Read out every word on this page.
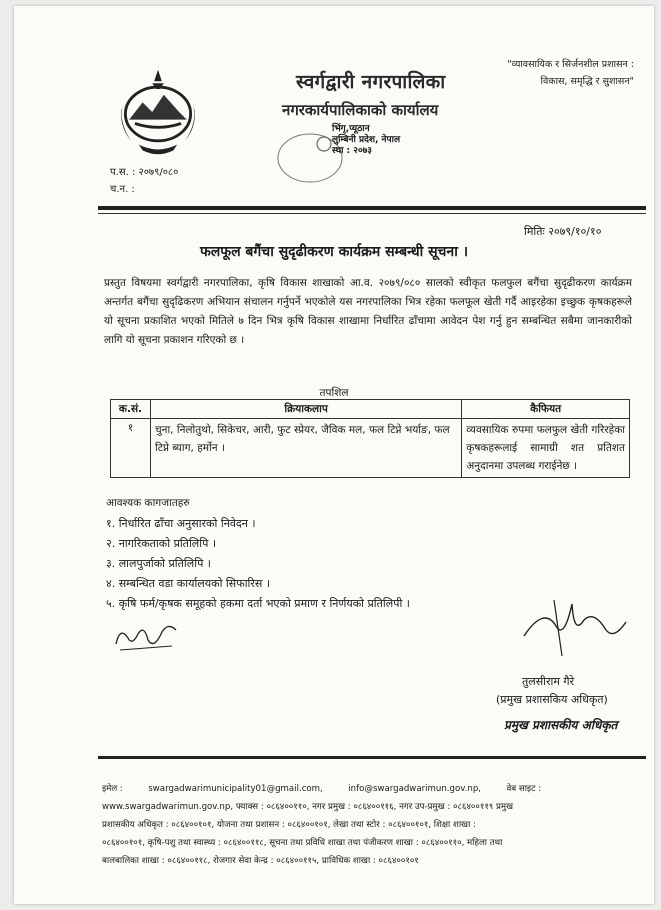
स्वर्गद्वारी नगरपालिका
नगरकार्यपालिकाको कार्यालय
"व्यावसायिक र सिर्जनशील प्रशासन :
विकास, समृद्धि र सुशासन"
भिंगृ,प्यूठान
लुम्बिनी प्रदेश, नेपाल
स्था : २०७३
प.स. : २०७९/०८०
च.न. :
मितिः २०७९/१०/१०
फलफूल बगैंचा सुदृढीकरण कार्यक्रम सम्बन्धी सूचना ।
प्रस्तुत विषयमा स्वर्गद्वारी नगरपालिका, कृषि विकास शाखाको आ.व. २०७९/०८० सालको स्वीकृत फलफुल बगैंचा सुदृढीकरण कार्यक्रम अन्तर्गत बगैंचा सुदृढिकरण अभियान संचालन गर्नुपर्ने भएकोले यस नगरपालिका भित्र रहेका फलफूल खेती गर्दै आइरहेका इच्छुक कृषकहरूले यो सूचना प्रकाशित भएको मितिले ७ दिन भित्र कृषि विकास शाखामा निर्धारित ढाँचामा आवेदन पेश गर्नु हुन सम्बन्धित सबैमा जानकारीको लागि यो सूचना प्रकाशन गरिएको छ ।
तपशिल
क.सं.	क्रियाकलाप	कैफियत
१	चुना, निलोतुथो, सिकेचर, आरी, फुट स्प्रेयर, जैविक मल, फल टिप्ने भर्याङ, फल टिप्ने ब्याग, हर्मोन ।	व्यवसायिक रुपमा फलफुल खेती गरिरहेका कृषकहरूलाई सामाग्री शत प्रतिशत अनुदानमा उपलब्ध गराईनेछ ।
आवश्यक कागजातहरु
१. निर्धारित ढाँचा अनुसारको निवेदन ।
२. नागरिकताको प्रतिलिपि ।
३. लालपुर्जाको प्रतिलिपि ।
४. सम्बन्धित वडा कार्यालयको सिफारिस ।
५. कृषि फर्म/कृषक समूहको हकमा दर्ता भएको प्रमाण र निर्णयको प्रतिलिपी ।
तुलसीराम गैरे
(प्रमुख प्रशासकिय अधिकृत)
प्रमुख प्रशासकीय अधिकृत
इमेल :	swargadwarimunicipality01@gmail.com,	info@swargadwarimun.gov.np,	वेब साइट :
www.swargadwarimun.gov.np, फ्याक्स : ०८६४००११०, नगर प्रमुख : ०८६४००११६, नगर उप-प्रमुख : ०८६४००११९ प्रमुख
प्रशासकीय अधिकृत : ०८६४००१०१, योजना तथा प्रशासन : ०८६४००१०१, लेखा तथा स्टोर : ०८६४००१०१, शिक्षा शाखा :
०८६४००१०१, कृषि-पशु तथा स्वास्थ्य : ०८६४००११८, सूचना तथा प्रविधि शाखा तथा पंजीकरण शाखा : ०८६४००११०, महिला तथा
बालबालिका शाखा : ०८६४००११८, रोजगार सेवा केन्द्र : ०८६४००११५, प्राविधिक शाखा : ०८६४००१०१
